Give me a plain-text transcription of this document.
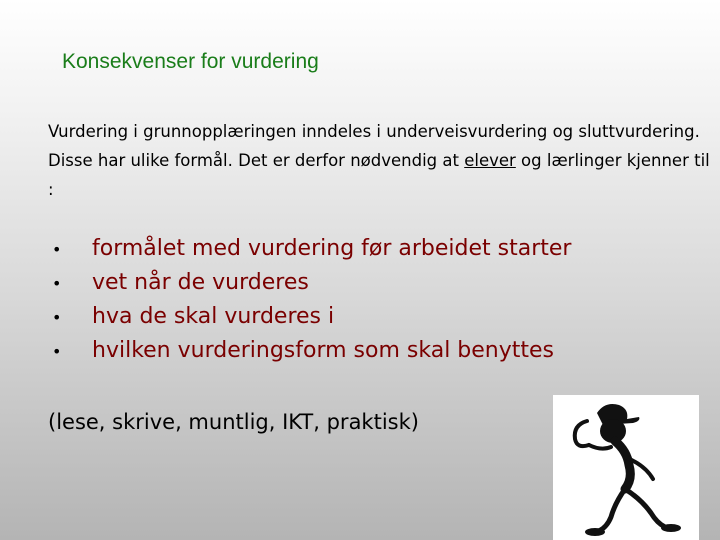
Konsekvenser for vurdering
Vurdering i grunnopplæringen inndeles i underveisvurdering og sluttvurdering. Disse har ulike formål. Det er derfor nødvendig at elever og lærlinger kjenner til :
•	formålet med vurdering før arbeidet starter
•	vet når de vurderes
•	hva de skal vurderes i
•	hvilken vurderingsform som skal benyttes
(lese, skrive, muntlig, IKT, praktisk)
